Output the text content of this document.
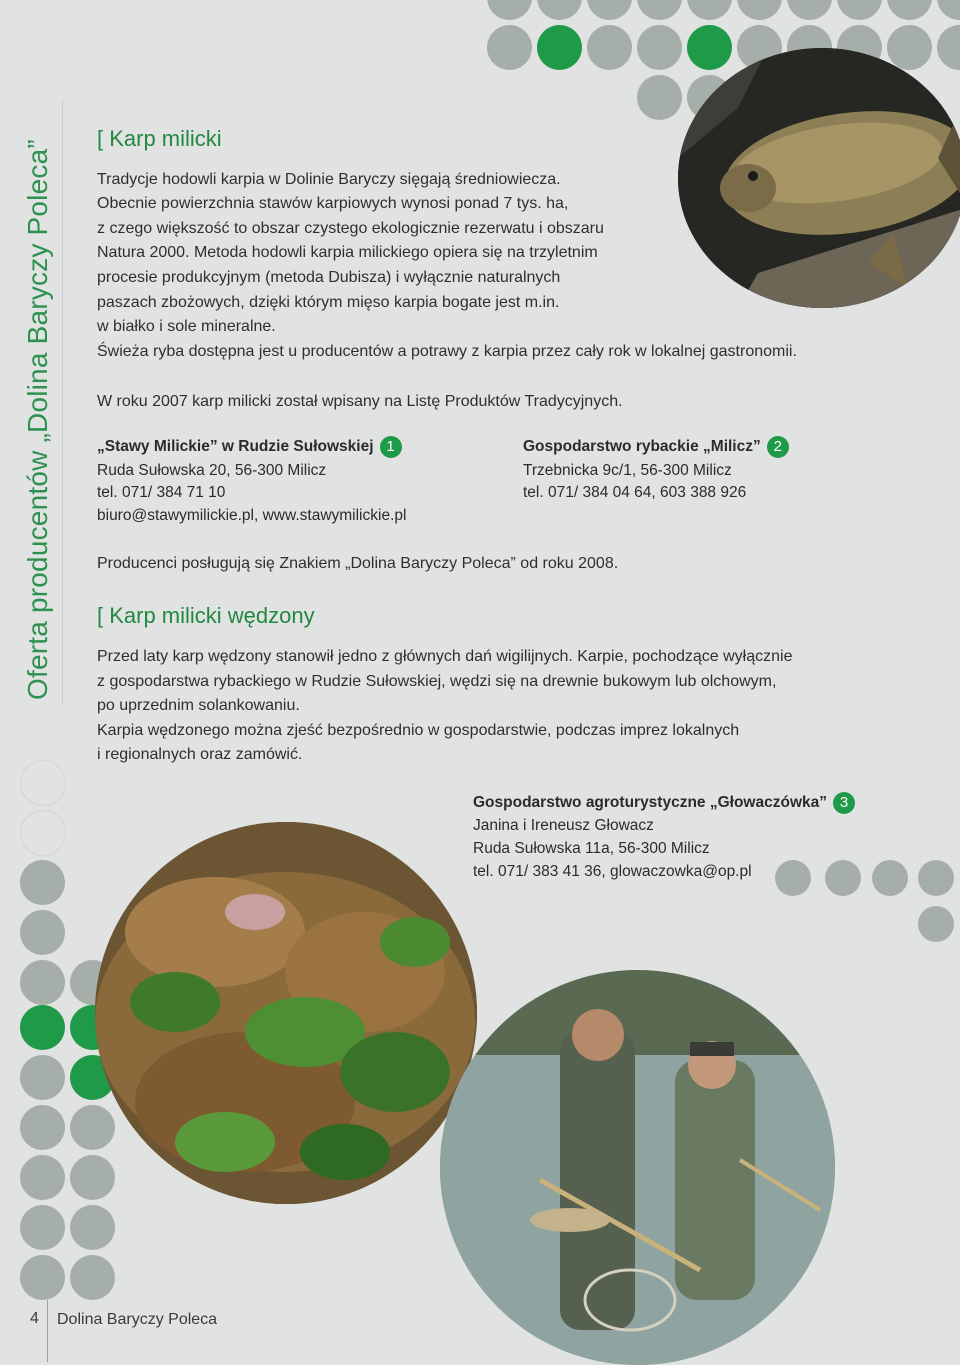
Oferta producentów „Dolina Baryczy Poleca”
[ Karp milicki
Tradycje hodowli karpia w Dolinie Baryczy sięgają średniowiecza.
Obecnie powierzchnia stawów karpiowych wynosi ponad 7 tys. ha,
z czego większość to obszar czystego ekologicznie rezerwatu i obszaru
Natura 2000. Metoda hodowli karpia milickiego opiera się na trzyletnim
procesie produkcyjnym (metoda Dubisza) i wyłącznie naturalnych
paszach zbożowych, dzięki którym mięso karpia bogate jest m.in.
w białko i sole mineralne.
Świeża ryba dostępna jest u producentów a potrawy z karpia przez cały rok w lokalnej gastronomii.
W roku 2007 karp milicki został wpisany na Listę Produktów Tradycyjnych.
„Stawy Milickie” w Rudzie Sułowskiej 1
Ruda Sułowska 20, 56-300 Milicz
tel. 071/ 384 71 10
biuro@stawymilickie.pl, www.stawymilickie.pl
Gospodarstwo rybackie „Milicz” 2
Trzebnicka 9c/1, 56-300 Milicz
tel. 071/ 384 04 64, 603 388 926
Producenci posługują się Znakiem „Dolina Baryczy Poleca” od roku 2008.
[ Karp milicki wędzony
Przed laty karp wędzony stanowił jedno z głównych dań wigilijnych. Karpie, pochodzące wyłącznie
z gospodarstwa rybackiego w Rudzie Sułowskiej, wędzi się na drewnie bukowym lub olchowym,
po uprzednim solankowaniu.
Karpia wędzonego można zjeść bezpośrednio w gospodarstwie, podczas imprez lokalnych
i regionalnych oraz zamówić.
Gospodarstwo agroturystyczne „Głowaczówka” 3
Janina i Ireneusz Głowacz
Ruda Sułowska 11a, 56-300 Milicz
tel. 071/ 383 41 36, glowaczowka@op.pl
4 Dolina Baryczy Poleca
